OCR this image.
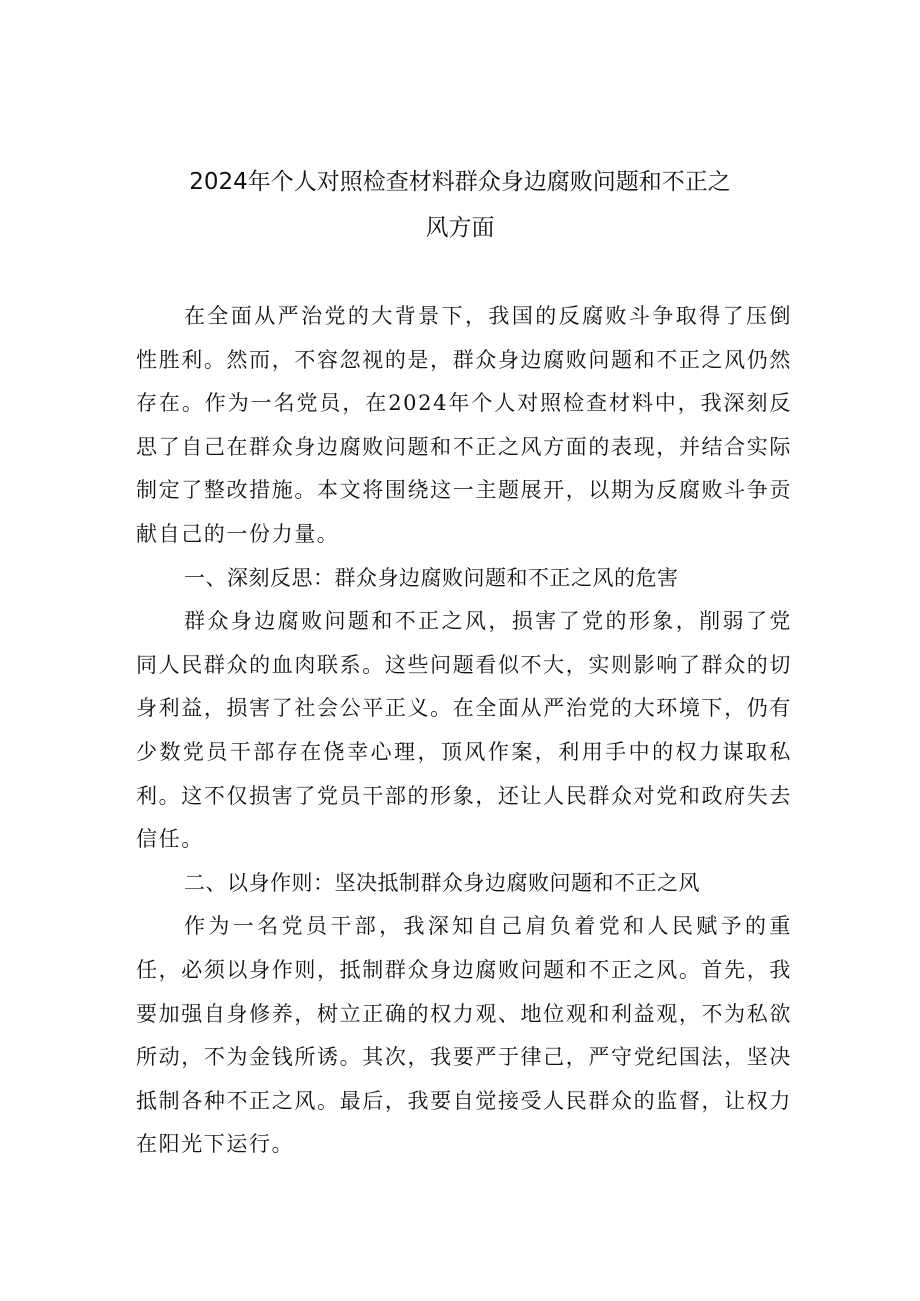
2024年个人对照检查材料群众身边腐败问题和不正之
风方面

在全面从严治党的大背景下，我国的反腐败斗争取得了压倒性胜利。然而，不容忽视的是，群众身边腐败问题和不正之风仍然存在。作为一名党员，在2024年个人对照检查材料中，我深刻反思了自己在群众身边腐败问题和不正之风方面的表现，并结合实际制定了整改措施。本文将围绕这一主题展开，以期为反腐败斗争贡献自己的一份力量。

一、深刻反思：群众身边腐败问题和不正之风的危害

群众身边腐败问题和不正之风，损害了党的形象，削弱了党同人民群众的血肉联系。这些问题看似不大，实则影响了群众的切身利益，损害了社会公平正义。在全面从严治党的大环境下，仍有少数党员干部存在侥幸心理，顶风作案，利用手中的权力谋取私利。这不仅损害了党员干部的形象，还让人民群众对党和政府失去信任。

二、以身作则：坚决抵制群众身边腐败问题和不正之风

作为一名党员干部，我深知自己肩负着党和人民赋予的重任，必须以身作则，抵制群众身边腐败问题和不正之风。首先，我要加强自身修养，树立正确的权力观、地位观和利益观，不为私欲所动，不为金钱所诱。其次，我要严于律己，严守党纪国法，坚决抵制各种不正之风。最后，我要自觉接受人民群众的监督，让权力在阳光下运行。
